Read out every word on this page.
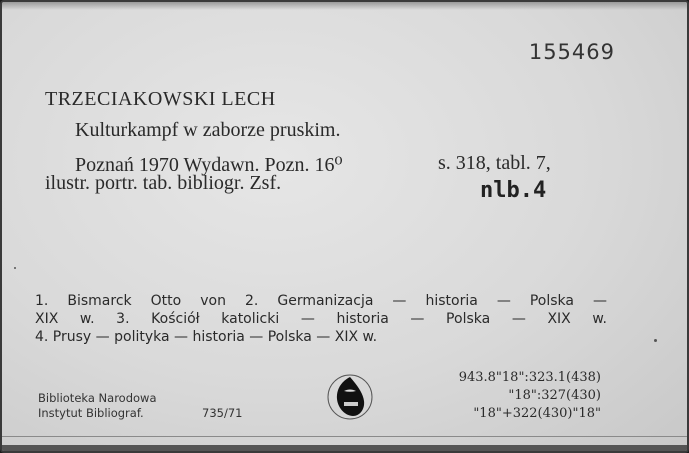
155469
TRZECIAKOWSKI LECH
Kulturkampf w zaborze pruskim.
Poznań 1970 Wydawn. Pozn. 16⁰	s. 318, tabl. 7,
ilustr. portr. tab. bibliogr. Zsf.	nlb.4
1. Bismarck Otto von 2. Germanizacja — historia — Polska —
XIX w. 3. Kościół katolicki — historia — Polska — XIX w.
4. Prusy — polityka — historia — Polska — XIX w.
Biblioteka Narodowa
Instytut Bibliograf.	735/71
943.8"18":323.1(438)
"18":327(430)
"18"+322(430)"18"
